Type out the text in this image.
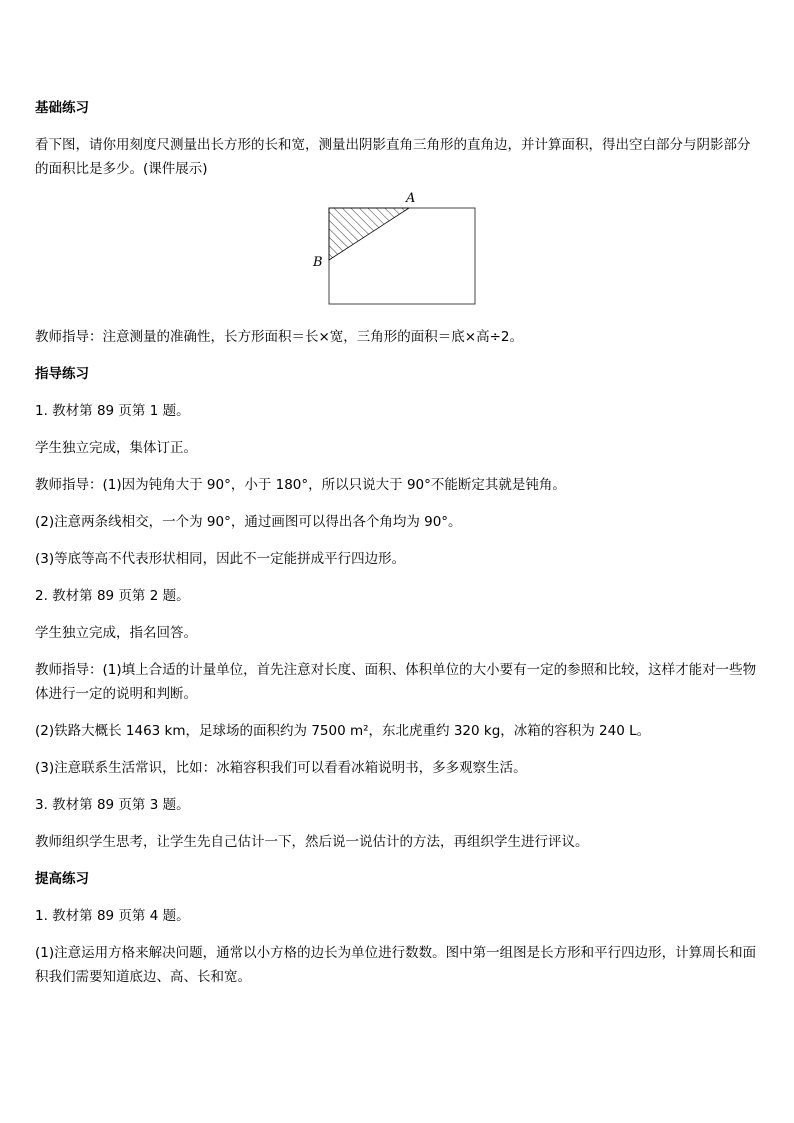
基础练习
看下图，请你用刻度尺测量出长方形的长和宽，测量出阴影直角三角形的直角边，并计算面积，得出空白部分与阴影部分的面积比是多少。(课件展示)
A
B
教师指导：注意测量的准确性，长方形面积＝长×宽，三角形的面积＝底×高÷2。
指导练习
1. 教材第 89 页第 1 题。
学生独立完成，集体订正。
教师指导：(1)因为钝角大于 90°，小于 180°，所以只说大于 90°不能断定其就是钝角。
(2)注意两条线相交，一个为 90°，通过画图可以得出各个角均为 90°。
(3)等底等高不代表形状相同，因此不一定能拼成平行四边形。
2. 教材第 89 页第 2 题。
学生独立完成，指名回答。
教师指导：(1)填上合适的计量单位，首先注意对长度、面积、体积单位的大小要有一定的参照和比较，这样才能对一些物体进行一定的说明和判断。
(2)铁路大概长 1463 km，足球场的面积约为 7500 m²，东北虎重约 320 kg，冰箱的容积为 240 L。
(3)注意联系生活常识，比如：冰箱容积我们可以看看冰箱说明书，多多观察生活。
3. 教材第 89 页第 3 题。
教师组织学生思考，让学生先自己估计一下，然后说一说估计的方法，再组织学生进行评议。
提高练习
1. 教材第 89 页第 4 题。
(1)注意运用方格来解决问题，通常以小方格的边长为单位进行数数。图中第一组图是长方形和平行四边形，计算周长和面积我们需要知道底边、高、长和宽。
